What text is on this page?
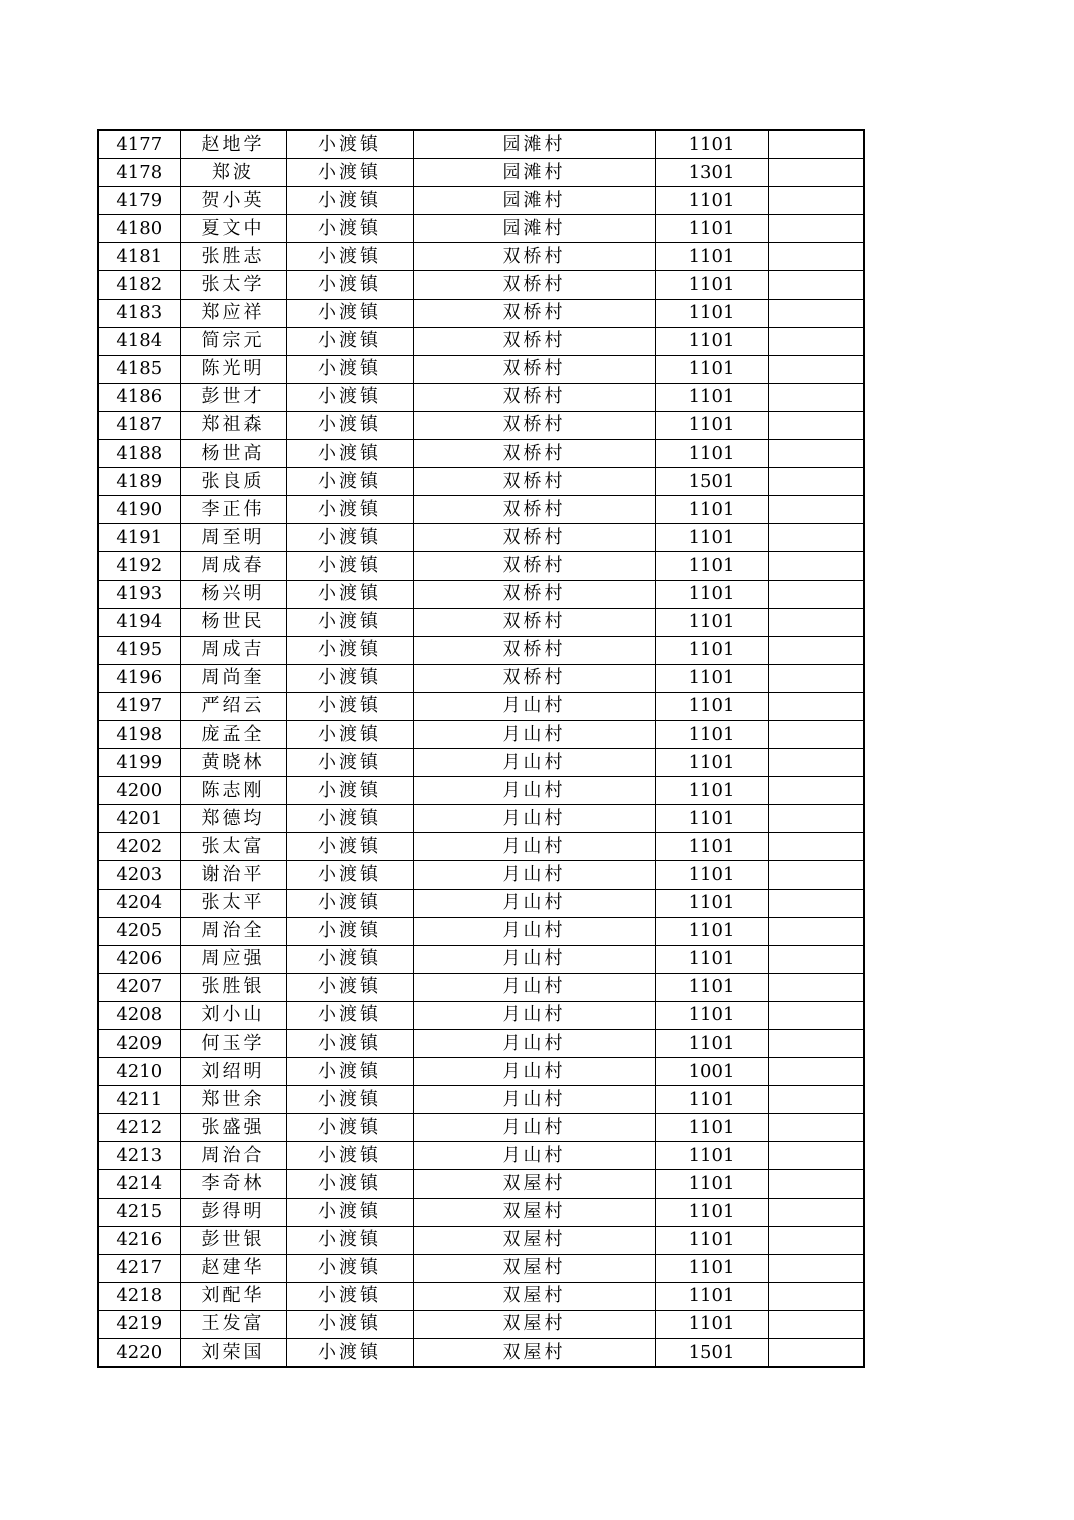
4177	赵地学	小渡镇	园滩村	1101	
4178	郑波	小渡镇	园滩村	1301	
4179	贺小英	小渡镇	园滩村	1101	
4180	夏文中	小渡镇	园滩村	1101	
4181	张胜志	小渡镇	双桥村	1101	
4182	张太学	小渡镇	双桥村	1101	
4183	郑应祥	小渡镇	双桥村	1101	
4184	简宗元	小渡镇	双桥村	1101	
4185	陈光明	小渡镇	双桥村	1101	
4186	彭世才	小渡镇	双桥村	1101	
4187	郑祖森	小渡镇	双桥村	1101	
4188	杨世高	小渡镇	双桥村	1101	
4189	张良质	小渡镇	双桥村	1501	
4190	李正伟	小渡镇	双桥村	1101	
4191	周至明	小渡镇	双桥村	1101	
4192	周成春	小渡镇	双桥村	1101	
4193	杨兴明	小渡镇	双桥村	1101	
4194	杨世民	小渡镇	双桥村	1101	
4195	周成吉	小渡镇	双桥村	1101	
4196	周尚奎	小渡镇	双桥村	1101	
4197	严绍云	小渡镇	月山村	1101	
4198	庞孟全	小渡镇	月山村	1101	
4199	黄晓林	小渡镇	月山村	1101	
4200	陈志刚	小渡镇	月山村	1101	
4201	郑德均	小渡镇	月山村	1101	
4202	张太富	小渡镇	月山村	1101	
4203	谢治平	小渡镇	月山村	1101	
4204	张太平	小渡镇	月山村	1101	
4205	周治全	小渡镇	月山村	1101	
4206	周应强	小渡镇	月山村	1101	
4207	张胜银	小渡镇	月山村	1101	
4208	刘小山	小渡镇	月山村	1101	
4209	何玉学	小渡镇	月山村	1101	
4210	刘绍明	小渡镇	月山村	1001	
4211	郑世余	小渡镇	月山村	1101	
4212	张盛强	小渡镇	月山村	1101	
4213	周治合	小渡镇	月山村	1101	
4214	李奇林	小渡镇	双屋村	1101	
4215	彭得明	小渡镇	双屋村	1101	
4216	彭世银	小渡镇	双屋村	1101	
4217	赵建华	小渡镇	双屋村	1101	
4218	刘配华	小渡镇	双屋村	1101	
4219	王发富	小渡镇	双屋村	1101	
4220	刘荣国	小渡镇	双屋村	1501	
